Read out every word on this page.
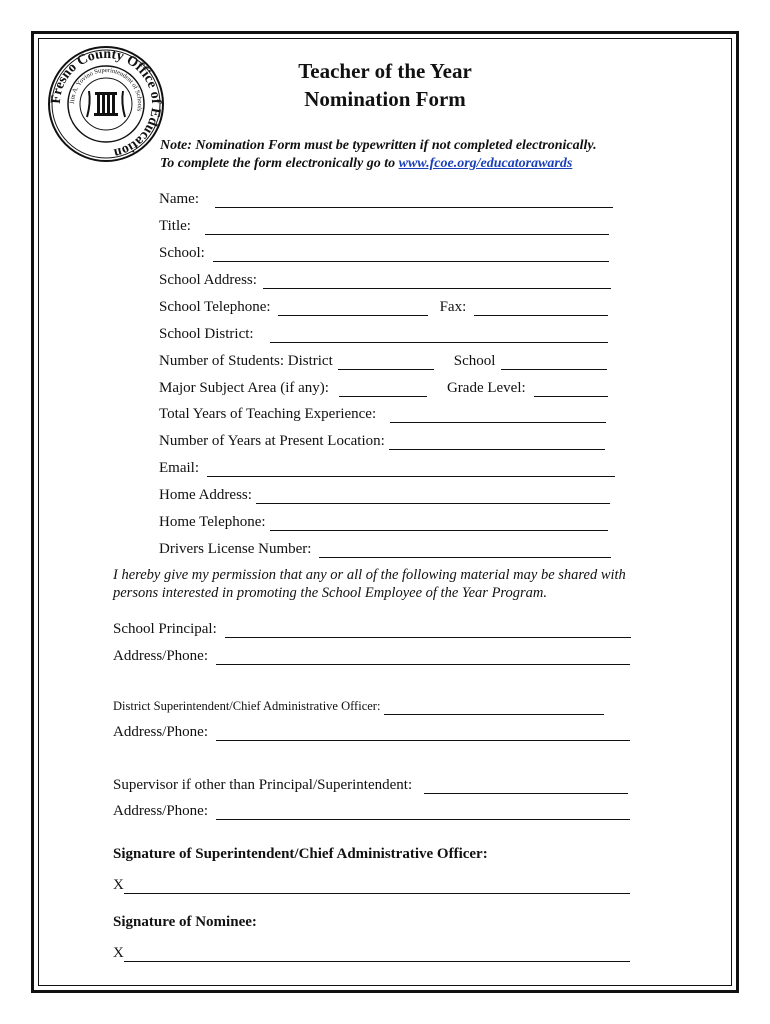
Fresno County Office of Education
Jim A. Yovino Superintendent of Schools
Teacher of the Year
Nomination Form
Note: Nomination Form must be typewritten if not completed electronically.
To complete the form electronically go to www.fcoe.org/educatorawards
Name:
Title:
School:
School Address:
School Telephone:	Fax:
School District:
Number of Students: District	School
Major Subject Area (if any):	Grade Level:
Total Years of Teaching Experience:
Number of Years at Present Location:
Email:
Home Address:
Home Telephone:
Drivers License Number:
I hereby give my permission that any or all of the following material may be shared with
persons interested in promoting the School Employee of the Year Program.
School Principal:
Address/Phone:
District Superintendent/Chief Administrative Officer:
Address/Phone:
Supervisor if other than Principal/Superintendent:
Address/Phone:
Signature of Superintendent/Chief Administrative Officer:
X
Signature of Nominee:
X
